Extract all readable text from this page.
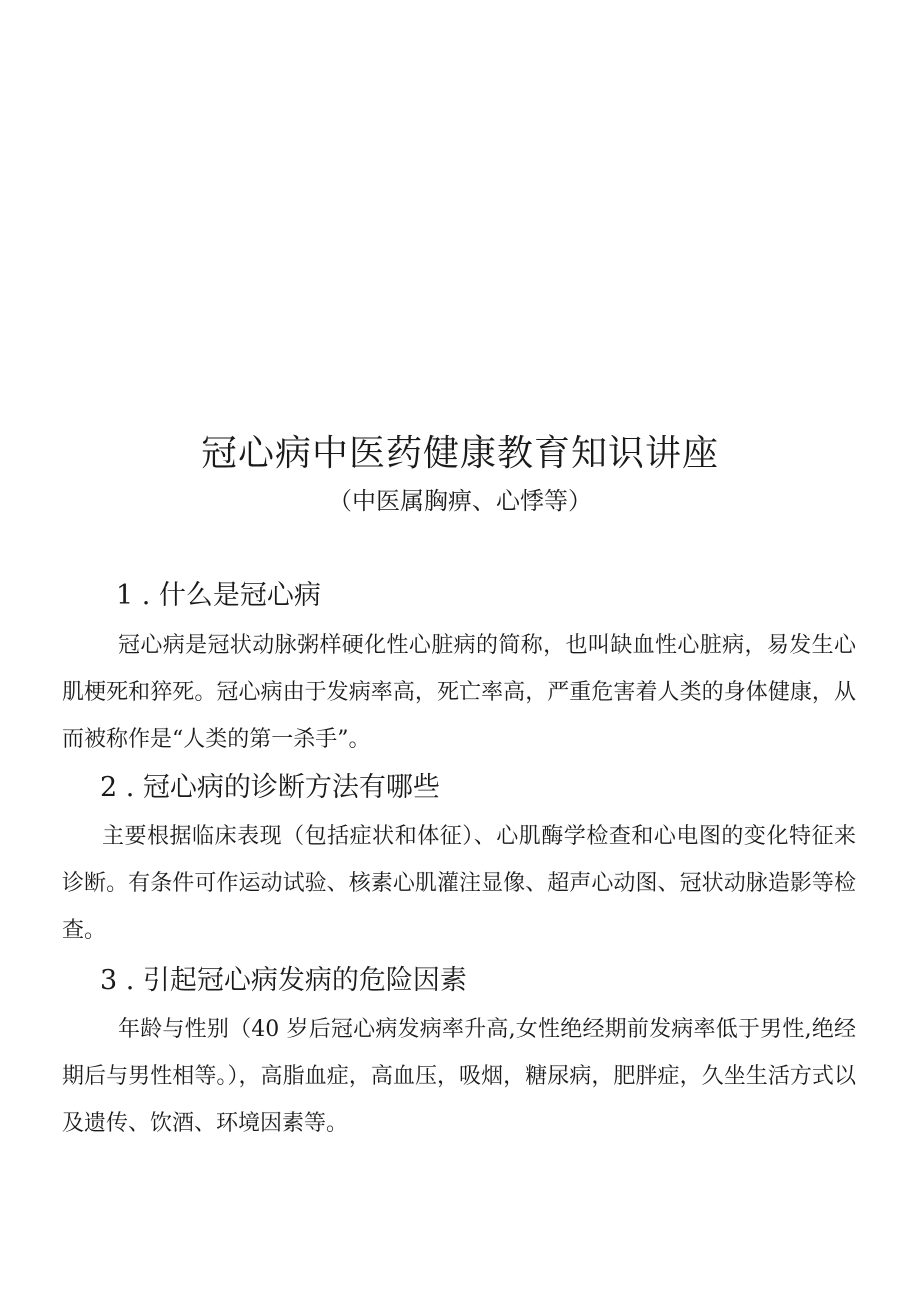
冠心病中医药健康教育知识讲座

（中医属胸痹、心悸等）

1 . 什么是冠心病

冠心病是冠状动脉粥样硬化性心脏病的简称，也叫缺血性心脏病，易发生心肌梗死和猝死。冠心病由于发病率高，死亡率高，严重危害着人类的身体健康，从而被称作是“人类的第一杀手”。

2 . 冠心病的诊断方法有哪些

主要根据临床表现（包括症状和体征）、心肌酶学检查和心电图的变化特征来诊断。有条件可作运动试验、核素心肌灌注显像、超声心动图、冠状动脉造影等检查。

3 . 引起冠心病发病的危险因素

年龄与性别（40 岁后冠心病发病率升高,女性绝经期前发病率低于男性,绝经期后与男性相等。），高脂血症，高血压，吸烟，糖尿病，肥胖症，久坐生活方式以及遗传、饮酒、环境因素等。
